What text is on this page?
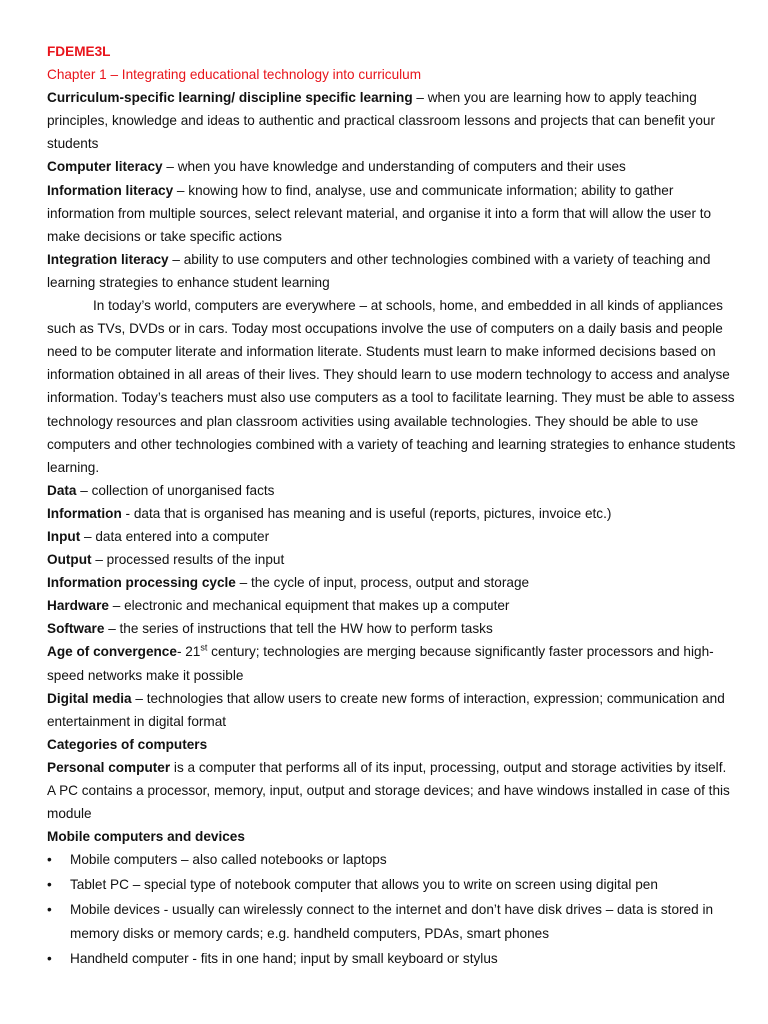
FDEME3L

Chapter 1 – Integrating educational technology into curriculum

Curriculum-specific learning/ discipline specific learning – when you are learning how to apply teaching principles, knowledge and ideas to authentic and practical classroom lessons and projects that can benefit your students

Computer literacy – when you have knowledge and understanding of computers and their uses

Information literacy – knowing how to find, analyse, use and communicate information; ability to gather information from multiple sources, select relevant material, and organise it into a form that will allow the user to make decisions or take specific actions

Integration literacy – ability to use computers and other technologies combined with a variety of teaching and learning strategies to enhance student learning

In today’s world, computers are everywhere – at schools, home, and embedded in all kinds of appliances such as TVs, DVDs or in cars. Today most occupations involve the use of computers on a daily basis and people need to be computer literate and information literate. Students must learn to make informed decisions based on information obtained in all areas of their lives. They should learn to use modern technology to access and analyse information. Today’s teachers must also use computers as a tool to facilitate learning. They must be able to assess technology resources and plan classroom activities using available technologies. They should be able to use computers and other technologies combined with a variety of teaching and learning strategies to enhance students learning.

Data – collection of unorganised facts

Information - data that is organised has meaning and is useful (reports, pictures, invoice etc.)

Input – data entered into a computer

Output – processed results of the input

Information processing cycle – the cycle of input, process, output and storage

Hardware – electronic and mechanical equipment that makes up a computer

Software – the series of instructions that tell the HW how to perform tasks

Age of convergence- 21st century; technologies are merging because significantly faster processors and high-speed networks make it possible

Digital media – technologies that allow users to create new forms of interaction, expression; communication and entertainment in digital format

Categories of computers

Personal computer is a computer that performs all of its input, processing, output and storage activities by itself. A PC contains a processor, memory, input, output and storage devices; and have windows installed in case of this module

Mobile computers and devices

• Mobile computers – also called notebooks or laptops
• Tablet PC – special type of notebook computer that allows you to write on screen using digital pen
• Mobile devices - usually can wirelessly connect to the internet and don’t have disk drives – data is stored in memory disks or memory cards; e.g. handheld computers, PDAs, smart phones
• Handheld computer - fits in one hand; input by small keyboard or stylus
